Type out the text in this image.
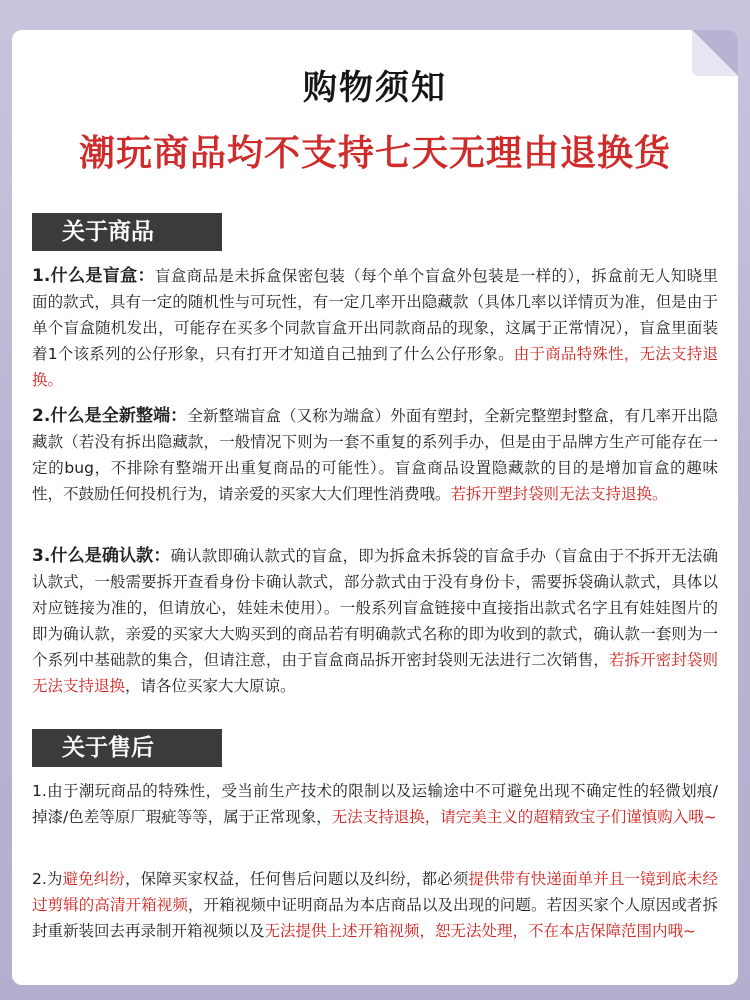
购物须知
潮玩商品均不支持七天无理由退换货
关于商品
1.什么是盲盒：盲盒商品是未拆盒保密包装（每个单个盲盒外包装是一样的），拆盒前无人知晓里面的款式，具有一定的随机性与可玩性，有一定几率开出隐藏款（具体几率以详情页为准，但是由于单个盲盒随机发出，可能存在买多个同款盲盒开出同款商品的现象，这属于正常情况），盲盒里面装着1个该系列的公仔形象，只有打开才知道自己抽到了什么公仔形象。由于商品特殊性，无法支持退换。
2.什么是全新整端：全新整端盲盒（又称为端盒）外面有塑封，全新完整塑封整盒，有几率开出隐藏款（若没有拆出隐藏款，一般情况下则为一套不重复的系列手办，但是由于品牌方生产可能存在一定的bug，不排除有整端开出重复商品的可能性）。盲盒商品设置隐藏款的目的是增加盲盒的趣味性，不鼓励任何投机行为，请亲爱的买家大大们理性消费哦。若拆开塑封袋则无法支持退换。
3.什么是确认款：确认款即确认款式的盲盒，即为拆盒未拆袋的盲盒手办（盲盒由于不拆开无法确认款式，一般需要拆开查看身份卡确认款式，部分款式由于没有身份卡，需要拆袋确认款式，具体以对应链接为准的，但请放心，娃娃未使用）。一般系列盲盒链接中直接指出款式名字且有娃娃图片的即为确认款，亲爱的买家大大购买到的商品若有明确款式名称的即为收到的款式，确认款一套则为一个系列中基础款的集合，但请注意，由于盲盒商品拆开密封袋则无法进行二次销售，若拆开密封袋则无法支持退换，请各位买家大大原谅。
关于售后
1.由于潮玩商品的特殊性，受当前生产技术的限制以及运输途中不可避免出现不确定性的轻微划痕/掉漆/色差等原厂瑕疵等等，属于正常现象，无法支持退换，请完美主义的超精致宝子们谨慎购入哦~
2.为避免纠纷，保障买家权益，任何售后问题以及纠纷，都必须提供带有快递面单并且一镜到底未经过剪辑的高清开箱视频，开箱视频中证明商品为本店商品以及出现的问题。若因买家个人原因或者拆封重新装回去再录制开箱视频以及无法提供上述开箱视频，恕无法处理，不在本店保障范围内哦~
